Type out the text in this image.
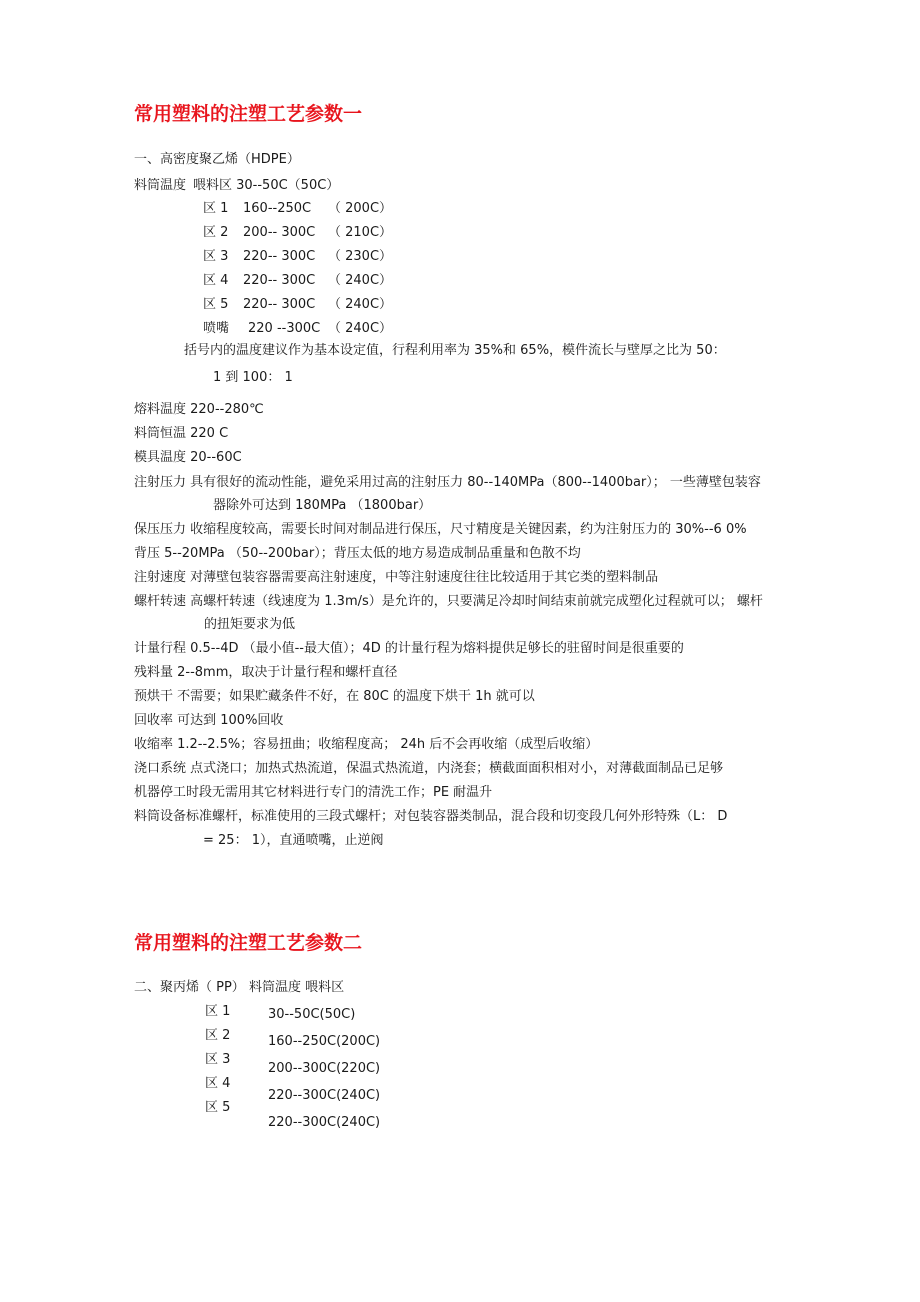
常用塑料的注塑工艺参数一
一、高密度聚乙烯（HDPE）
料筒温度 喂料区 30--50C（50C）
区 1 160--250C （ 200C）
区 2 200-- 300C （ 210C）
区 3 220-- 300C （ 230C）
区 4 220-- 300C （ 240C）
区 5 220-- 300C （ 240C）
喷嘴 220 --300C （ 240C）
括号内的温度建议作为基本设定值，行程利用率为 35%和 65%，模件流长与壁厚之比为 50：
1 到 100： 1
熔料温度 220--280℃
料筒恒温 220 C
模具温度 20--60C
注射压力 具有很好的流动性能，避免采用过高的注射压力 80--140MPa（800--1400bar）； 一些薄壁包装容
器除外可达到 180MPa （1800bar）
保压压力 收缩程度较高，需要长时间对制品进行保压，尺寸精度是关键因素，约为注射压力的 30%--6 0%
背压 5--20MPa （50--200bar）；背压太低的地方易造成制品重量和色散不均
注射速度 对薄壁包装容器需要高注射速度，中等注射速度往往比较适用于其它类的塑料制品
螺杆转速 高螺杆转速（线速度为 1.3m/s）是允许的，只要满足冷却时间结束前就完成塑化过程就可以； 螺杆
的扭矩要求为低
计量行程 0.5--4D （最小值--最大值）；4D 的计量行程为熔料提供足够长的驻留时间是很重要的
残料量 2--8mm，取决于计量行程和螺杆直径
预烘干 不需要；如果贮藏条件不好，在 80C 的温度下烘干 1h 就可以
回收率 可达到 100%回收
收缩率 1.2--2.5%；容易扭曲；收缩程度高； 24h 后不会再收缩（成型后收缩）
浇口系统 点式浇口；加热式热流道，保温式热流道，内浇套；横截面面积相对小，对薄截面制品已足够
机器停工时段无需用其它材料进行专门的清洗工作；PE 耐温升
料筒设备标准螺杆，标准使用的三段式螺杆；对包装容器类制品，混合段和切变段几何外形特殊（L： D
= 25： 1），直通喷嘴，止逆阀
常用塑料的注塑工艺参数二
二、聚丙烯（ PP） 料筒温度 喂料区
区 1
区 2
区 3
区 4
区 5
30--50C(50C)
160--250C(200C)
200--300C(220C)
220--300C(240C)
220--300C(240C)
